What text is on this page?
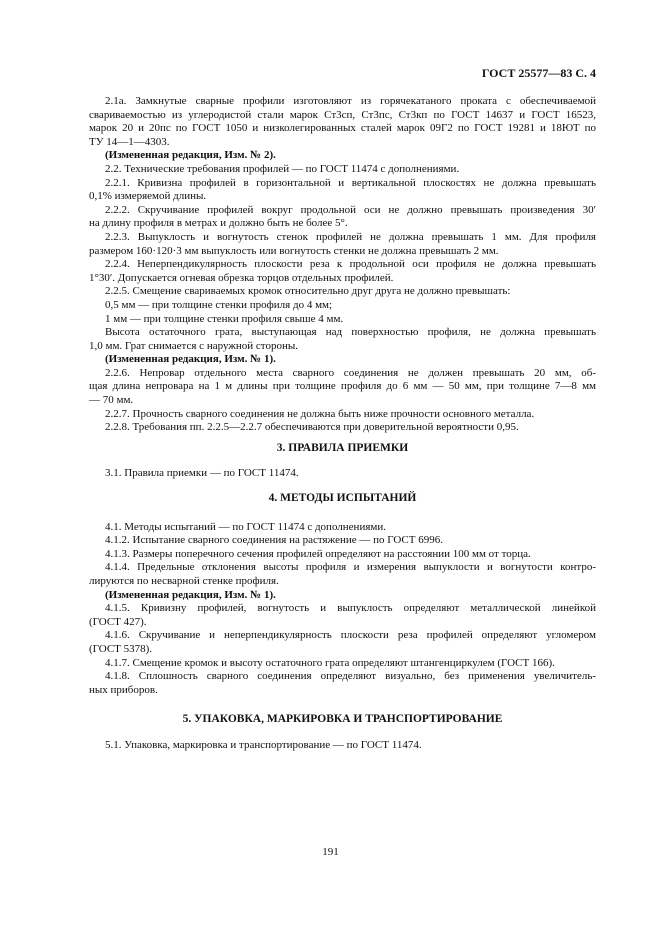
ГОСТ 25577—83 С. 4
2.1а. Замкнутые сварные профили изготовляют из горячекатаного проката с обеспечиваемой
свариваемостью из углеродистой стали марок Ст3сп, Ст3пс, Ст3кп по ГОСТ 14637 и ГОСТ 16523,
марок 20 и 20пс по ГОСТ 1050 и низколегированных сталей марок 09Г2 по ГОСТ 19281 и 18ЮТ по
ТУ 14—1—4303.
(Измененная редакция, Изм. № 2).
2.2. Технические требования профилей — по ГОСТ 11474 с дополнениями.
2.2.1. Кривизна профилей в горизонтальной и вертикальной плоскостях не должна превышать
0,1% измеряемой длины.
2.2.2. Скручивание профилей вокруг продольной оси не должно превышать произведения 30′
на длину профиля в метрах и должно быть не более 5°.
2.2.3. Выпуклость и вогнутость стенок профилей не должна превышать 1 мм. Для профиля
размером 160·120·3 мм выпуклость или вогнутость стенки не должна превышать 2 мм.
2.2.4. Неперпендикулярность плоскости реза к продольной оси профиля не должна превышать
1°30′. Допускается огневая обрезка торцов отдельных профилей.
2.2.5. Смещение свариваемых кромок относительно друг друга не должно превышать:
0,5 мм — при толщине стенки профиля до 4 мм;
1 мм — при толщине стенки профиля свыше 4 мм.
Высота остаточного грата, выступающая над поверхностью профиля, не должна превышать
1,0 мм. Грат снимается с наружной стороны.
(Измененная редакция, Изм. № 1).
2.2.6. Непровар отдельного места сварного соединения не должен превышать 20 мм, об-
щая длина непровара на 1 м длины при толщине профиля до 6 мм — 50 мм, при толщине 7—8 мм
— 70 мм.
2.2.7. Прочность сварного соединения не должна быть ниже прочности основного металла.
2.2.8. Требования пп. 2.2.5—2.2.7 обеспечиваются при доверительной вероятности 0,95.
3. ПРАВИЛА ПРИЕМКИ
3.1. Правила приемки — по ГОСТ 11474.
4. МЕТОДЫ ИСПЫТАНИЙ
4.1. Методы испытаний — по ГОСТ 11474 с дополнениями.
4.1.2. Испытание сварного соединения на растяжение — по ГОСТ 6996.
4.1.3. Размеры поперечного сечения профилей определяют на расстоянии 100 мм от торца.
4.1.4. Предельные отклонения высоты профиля и измерения выпуклости и вогнутости контро-
лируются по несварной стенке профиля.
(Измененная редакция, Изм. № 1).
4.1.5. Кривизну профилей, вогнутость и выпуклость определяют металлической линейкой
(ГОСТ 427).
4.1.6. Скручивание и неперпендикулярность плоскости реза профилей определяют угломером
(ГОСТ 5378).
4.1.7. Смещение кромок и высоту остаточного грата определяют штангенциркулем (ГОСТ 166).
4.1.8. Сплошность сварного соединения определяют визуально, без применения увеличитель-
ных приборов.
5. УПАКОВКА, МАРКИРОВКА И ТРАНСПОРТИРОВАНИЕ
5.1. Упаковка, маркировка и транспортирование — по ГОСТ 11474.
191
